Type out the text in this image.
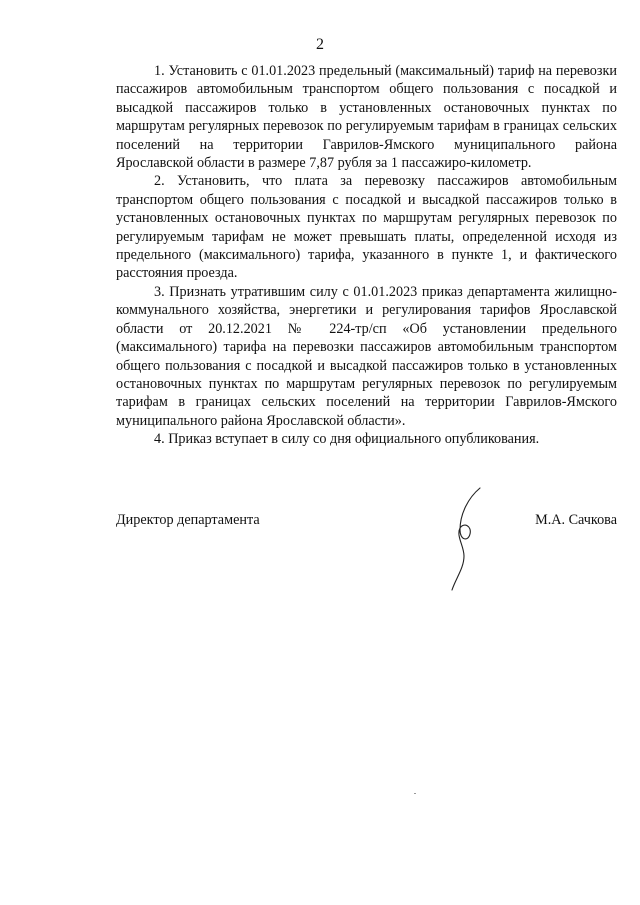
2

1. Установить с 01.01.2023 предельный (максимальный) тариф на перевозки пассажиров автомобильным транспортом общего пользования с посадкой и высадкой пассажиров только в установленных остановочных пунктах по маршрутам регулярных перевозок по регулируемым тарифам в границах сельских поселений на территории Гаврилов-Ямского муниципального района Ярославской области в размере 7,87 рубля за 1 пассажиро-километр.

2. Установить, что плата за перевозку пассажиров автомобильным транспортом общего пользования с посадкой и высадкой пассажиров только в установленных остановочных пунктах по маршрутам регулярных перевозок по регулируемым тарифам не может превышать платы, определенной исходя из предельного (максимального) тарифа, указанного в пункте 1, и фактического расстояния проезда.

3. Признать утратившим силу с 01.01.2023 приказ департамента жилищно-коммунального хозяйства, энергетики и регулирования тарифов Ярославской области от 20.12.2021 № 224-тр/сп «Об установлении предельного (максимального) тарифа на перевозки пассажиров автомобильным транспортом общего пользования с посадкой и высадкой пассажиров только в установленных остановочных пунктах по маршрутам регулярных перевозок по регулируемым тарифам в границах сельских поселений на территории Гаврилов-Ямского муниципального района Ярославской области».

4. Приказ вступает в силу со дня официального опубликования.

Директор департамента	М.А. Сачкова
